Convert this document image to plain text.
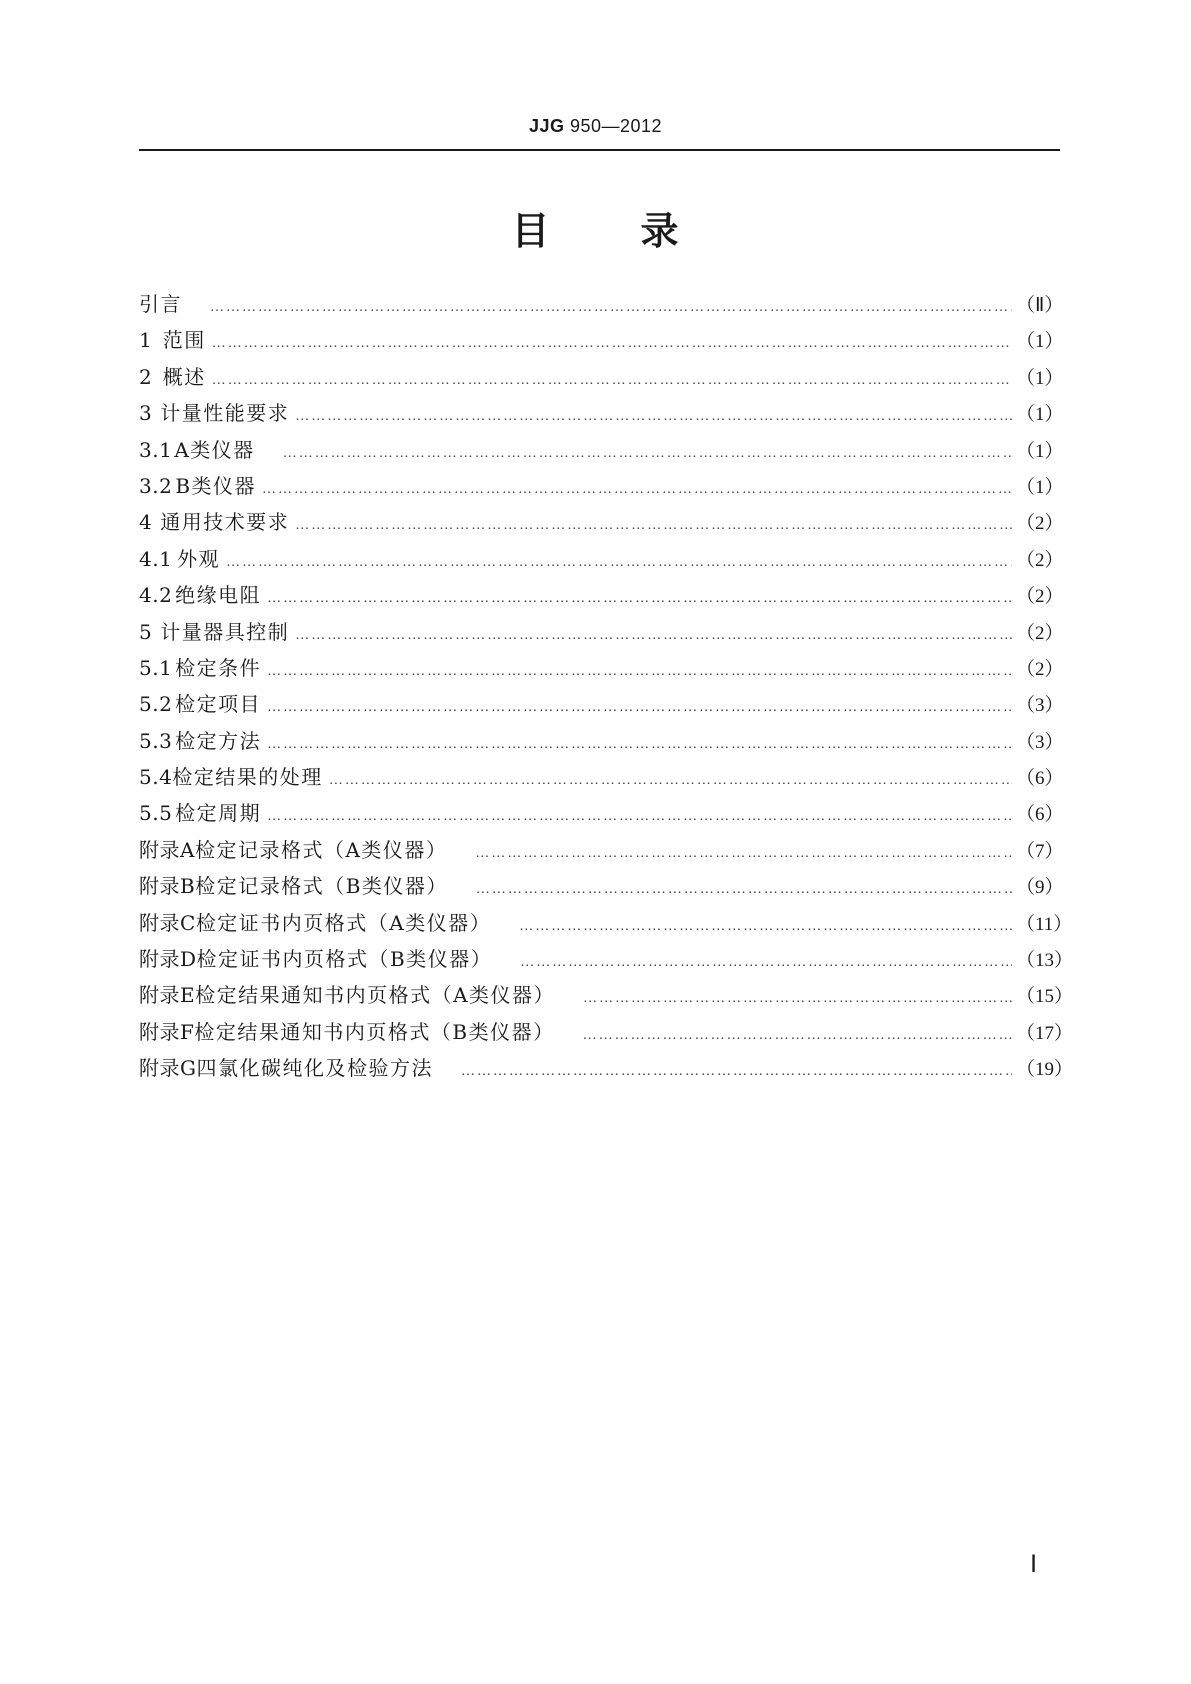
JJG 950—2012
目 录
引言 ……………………………………………………………………………………………………………………………………………………………………………………………………………………	（Ⅱ）
1 范围 ……………………………………………………………………………………………………………………………………………………………………………………………………………………	（1）
2 概述 ……………………………………………………………………………………………………………………………………………………………………………………………………………………	（1）
3 计量性能要求 ……………………………………………………………………………………………………………………………………………………………………………………………………………………	（1）
3.1 A类仪器 ……………………………………………………………………………………………………………………………………………………………………………………………………………………	（1）
3.2 B类仪器 ……………………………………………………………………………………………………………………………………………………………………………………………………………………	（1）
4 通用技术要求 ……………………………………………………………………………………………………………………………………………………………………………………………………………………	（2）
4.1 外观 ……………………………………………………………………………………………………………………………………………………………………………………………………………………	（2）
4.2 绝缘电阻 ……………………………………………………………………………………………………………………………………………………………………………………………………………………	（2）
5 计量器具控制 ……………………………………………………………………………………………………………………………………………………………………………………………………………………	（2）
5.1 检定条件 ……………………………………………………………………………………………………………………………………………………………………………………………………………………	（2）
5.2 检定项目 ……………………………………………………………………………………………………………………………………………………………………………………………………………………	（3）
5.3 检定方法 ……………………………………………………………………………………………………………………………………………………………………………………………………………………	（3）
5.4 检定结果的处理 ……………………………………………………………………………………………………………………………………………………………………………………………………………………	（6）
5.5 检定周期 ……………………………………………………………………………………………………………………………………………………………………………………………………………………	（6）
附录A 检定记录格式（A类仪器） ……………………………………………………………………………………………………………………………………………………………………………………………………………………	（7）
附录B 检定记录格式（B类仪器） ……………………………………………………………………………………………………………………………………………………………………………………………………………………	（9）
附录C 检定证书内页格式（A类仪器） ……………………………………………………………………………………………………………………………………………………………………………………………………………………	（11）
附录D 检定证书内页格式（B类仪器） ……………………………………………………………………………………………………………………………………………………………………………………………………………………	（13）
附录E 检定结果通知书内页格式（A类仪器） ……………………………………………………………………………………………………………………………………………………………………………………………………………………	（15）
附录F 检定结果通知书内页格式（B类仪器） ……………………………………………………………………………………………………………………………………………………………………………………………………………………	（17）
附录G 四氯化碳纯化及检验方法 ……………………………………………………………………………………………………………………………………………………………………………………………………………………	（19）
Ⅰ
